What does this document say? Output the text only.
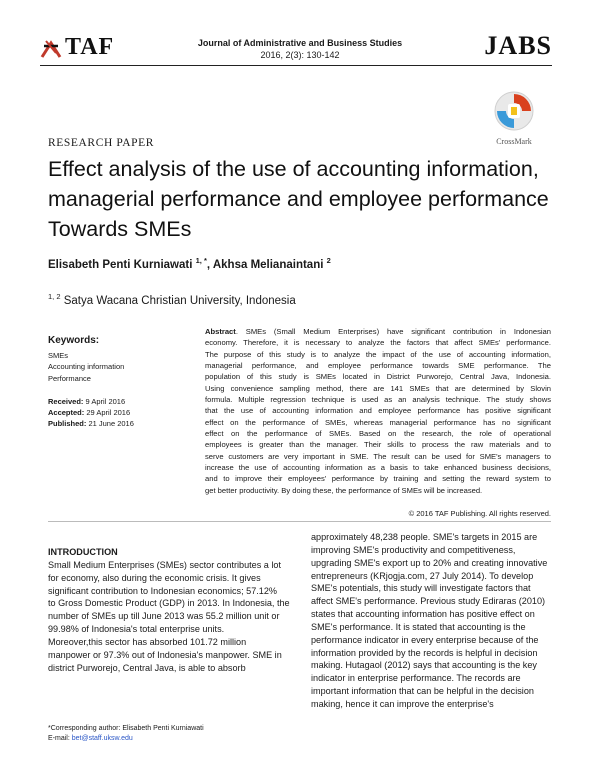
TAF	Journal of Administrative and Business Studies
2016, 2(3): 130-142	JABS
CrossMark
RESEARCH PAPER
Effect analysis of the use of accounting information,
managerial performance and employee performance
Towards SMEs
Elisabeth Penti Kurniawati $^{1, *}$, Akhsa Melianaintani $^2$
$^{1, 2}$ Satya Wacana Christian University, Indonesia
Keywords:
SMEs
Accounting information
Performance
Received: 9 April 2016
Accepted: 29 April 2016
Published: 21 June 2016
Abstract. SMEs (Small Medium Enterprises) have significant contribution in Indonesian
economy. Therefore, it is necessary to analyze the factors that affect SMEs' performance.
The purpose of this study is to analyze the impact of the use of accounting information,
managerial performance, and employee performance towards SME performance. The
population of this study is SMEs located in District Purworejo, Central Java, Indonesia.
Using convenience sampling method, there are 141 SMEs that are determined by Slovin
formula. Multiple regression technique is used as an analysis technique. The study shows
that the use of accounting information and employee performance has positive significant
effect on the performance of SMEs, whereas managerial performance has no significant
effect on the performance of SMEs. Based on the research, the role of operational
employees is greater than the manager. Their skills to process the raw materials and to
serve customers are very important in SME. The result can be used for SME's managers to
increase the use of accounting information as a basis to take enhanced business decisions,
and to improve their employees' performance by training and setting the reward system to
get better productivity. By doing these, the performance of SMEs will be increased.
© 2016 TAF Publishing. All rights reserved.
INTRODUCTION
Small Medium Enterprises (SMEs) sector contributes a lot
for economy, also during the economic crisis. It gives
significant contribution to Indonesian economics; 57.12%
to Gross Domestic Product (GDP) in 2013. In Indonesia, the
number of SMEs up till June 2013 was 55.2 million unit or
99.98% of Indonesia's total enterprise units.
Moreover,this sector has absorbed 101.72 million
manpower or 97.3% out of Indonesia's manpower. SME in
district Purworejo, Central Java, is able to absorb
approximately 48,238 people. SME's targets in 2015 are
improving SME's productivity and competitiveness,
upgrading SME's export up to 20% and creating innovative
entrepreneurs (KRjogja.com, 27 July 2014). To develop
SME's potentials, this study will investigate factors that
affect SME's performance. Previous study Ediraras (2010)
states that accounting information has positive effect on
SME's performance. It is stated that accounting is the
performance indicator in every enterprise because of the
information provided by the records is helpful in decision
making. Hutagaol (2012) says that accounting is the key
indicator in enterprise performance. The records are
important information that can be helpful in the decision
making, hence it can improve the enterprise's
*Corresponding author: Elisabeth Penti Kurniawati
E-mail: bet@staff.uksw.edu
